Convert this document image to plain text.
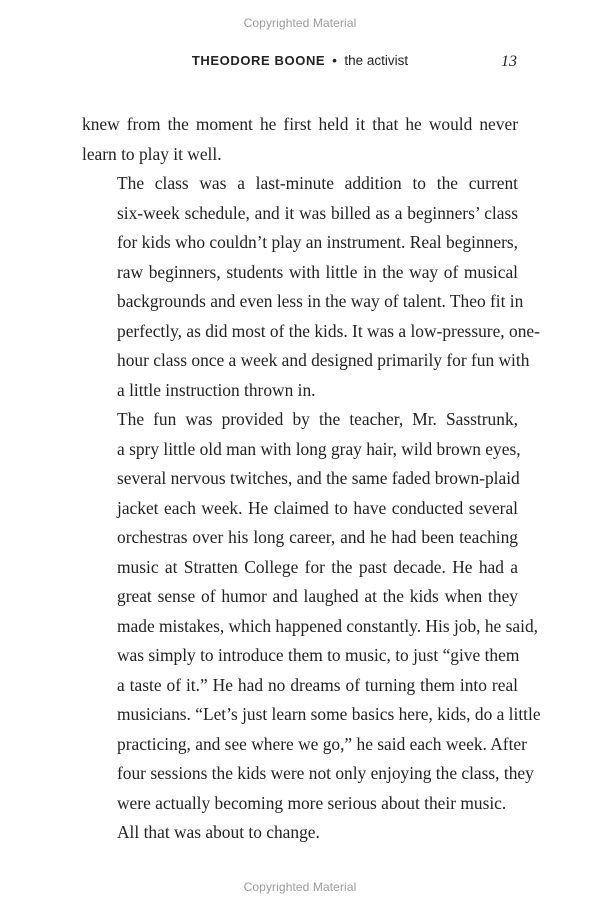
Copyrighted Material
THEODORE BOONE • the activist	13

knew from the moment he first held it that he would never
learn to play it well.

The class was a last-minute addition to the current
six-week schedule, and it was billed as a beginners’ class
for kids who couldn’t play an instrument. Real beginners,
raw beginners, students with little in the way of musical
backgrounds and even less in the way of talent. Theo fit in
perfectly, as did most of the kids. It was a low-pressure, one-
hour class once a week and designed primarily for fun with
a little instruction thrown in.

The fun was provided by the teacher, Mr. Sasstrunk,
a spry little old man with long gray hair, wild brown eyes,
several nervous twitches, and the same faded brown-plaid
jacket each week. He claimed to have conducted several
orchestras over his long career, and he had been teaching
music at Stratten College for the past decade. He had a
great sense of humor and laughed at the kids when they
made mistakes, which happened constantly. His job, he said,
was simply to introduce them to music, to just “give them
a taste of it.” He had no dreams of turning them into real
musicians. “Let’s just learn some basics here, kids, do a little
practicing, and see where we go,” he said each week. After
four sessions the kids were not only enjoying the class, they
were actually becoming more serious about their music.

All that was about to change.

Copyrighted Material
